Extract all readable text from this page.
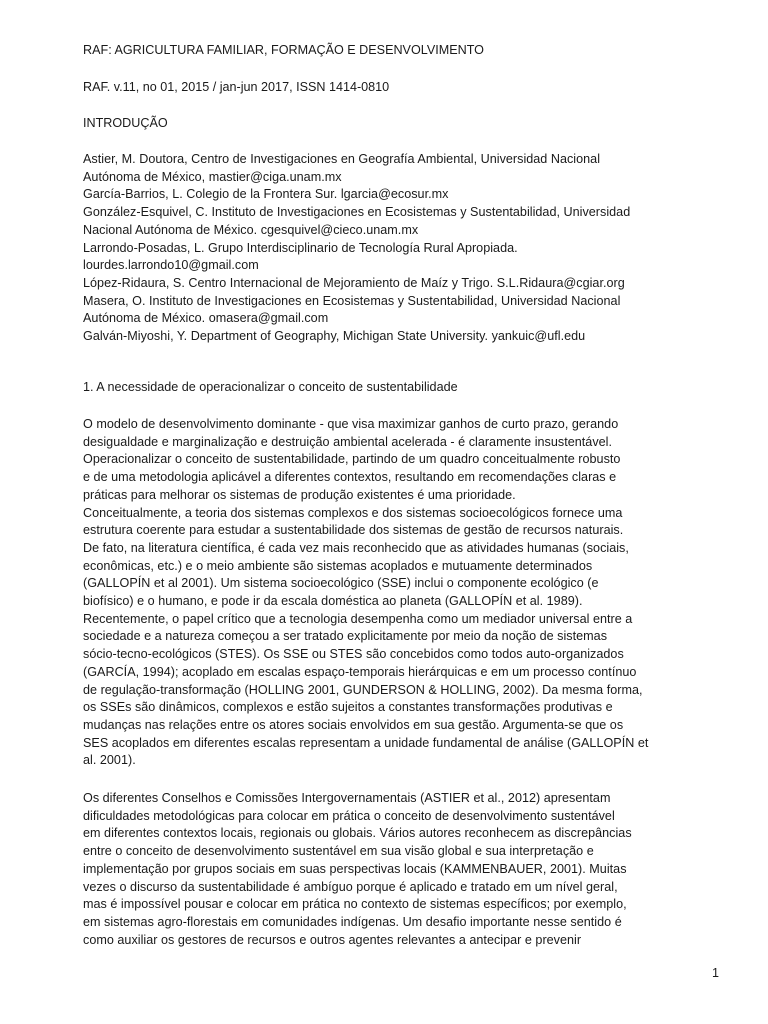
RAF: AGRICULTURA FAMILIAR, FORMAÇÃO E DESENVOLVIMENTO
RAF. v.11, no 01, 2015 / jan-jun 2017, ISSN 1414-0810
INTRODUÇÃO
Astier, M. Doutora, Centro de Investigaciones en Geografía Ambiental, Universidad Nacional
Autónoma de México, mastier@ciga.unam.mx
García-Barrios, L. Colegio de la Frontera Sur. lgarcia@ecosur.mx
González-Esquivel, C. Instituto de Investigaciones en Ecosistemas y Sustentabilidad, Universidad
Nacional Autónoma de México. cgesquivel@cieco.unam.mx
Larrondo-Posadas, L. Grupo Interdisciplinario de Tecnología Rural Apropiada.
lourdes.larrondo10@gmail.com
López-Ridaura, S. Centro Internacional de Mejoramiento de Maíz y Trigo. S.L.Ridaura@cgiar.org
Masera, O. Instituto de Investigaciones en Ecosistemas y Sustentabilidad, Universidad Nacional
Autónoma de México. omasera@gmail.com
Galván-Miyoshi, Y. Department of Geography, Michigan State University. yankuic@ufl.edu
1. A necessidade de operacionalizar o conceito de sustentabilidade
O modelo de desenvolvimento dominante - que visa maximizar ganhos de curto prazo, gerando
desigualdade e marginalização e destruição ambiental acelerada - é claramente insustentável.
Operacionalizar o conceito de sustentabilidade, partindo de um quadro conceitualmente robusto
e de uma metodologia aplicável a diferentes contextos, resultando em recomendações claras e
práticas para melhorar os sistemas de produção existentes é uma prioridade.
Conceitualmente, a teoria dos sistemas complexos e dos sistemas socioecológicos fornece uma
estrutura coerente para estudar a sustentabilidade dos sistemas de gestão de recursos naturais.
De fato, na literatura científica, é cada vez mais reconhecido que as atividades humanas (sociais,
econômicas, etc.) e o meio ambiente são sistemas acoplados e mutuamente determinados
(GALLOPÍN et al 2001). Um sistema socioecológico (SSE) inclui o componente ecológico (e
biofísico) e o humano, e pode ir da escala doméstica ao planeta (GALLOPÍN et al. 1989).
Recentemente, o papel crítico que a tecnologia desempenha como um mediador universal entre a
sociedade e a natureza começou a ser tratado explicitamente por meio da noção de sistemas
sócio-tecno-ecológicos (STES). Os SSE ou STES são concebidos como todos auto-organizados
(GARCÍA, 1994); acoplado em escalas espaço-temporais hierárquicas e em um processo contínuo
de regulação-transformação (HOLLING 2001, GUNDERSON & HOLLING, 2002). Da mesma forma,
os SSEs são dinâmicos, complexos e estão sujeitos a constantes transformações produtivas e
mudanças nas relações entre os atores sociais envolvidos em sua gestão. Argumenta-se que os
SES acoplados em diferentes escalas representam a unidade fundamental de análise (GALLOPÍN et
al. 2001).
Os diferentes Conselhos e Comissões Intergovernamentais (ASTIER et al., 2012) apresentam
dificuldades metodológicas para colocar em prática o conceito de desenvolvimento sustentável
em diferentes contextos locais, regionais ou globais. Vários autores reconhecem as discrepâncias
entre o conceito de desenvolvimento sustentável em sua visão global e sua interpretação e
implementação por grupos sociais em suas perspectivas locais (KAMMENBAUER, 2001). Muitas
vezes o discurso da sustentabilidade é ambíguo porque é aplicado e tratado em um nível geral,
mas é impossível pousar e colocar em prática no contexto de sistemas específicos; por exemplo,
em sistemas agro-florestais em comunidades indígenas. Um desafio importante nesse sentido é
como auxiliar os gestores de recursos e outros agentes relevantes a antecipar e prevenir
1
